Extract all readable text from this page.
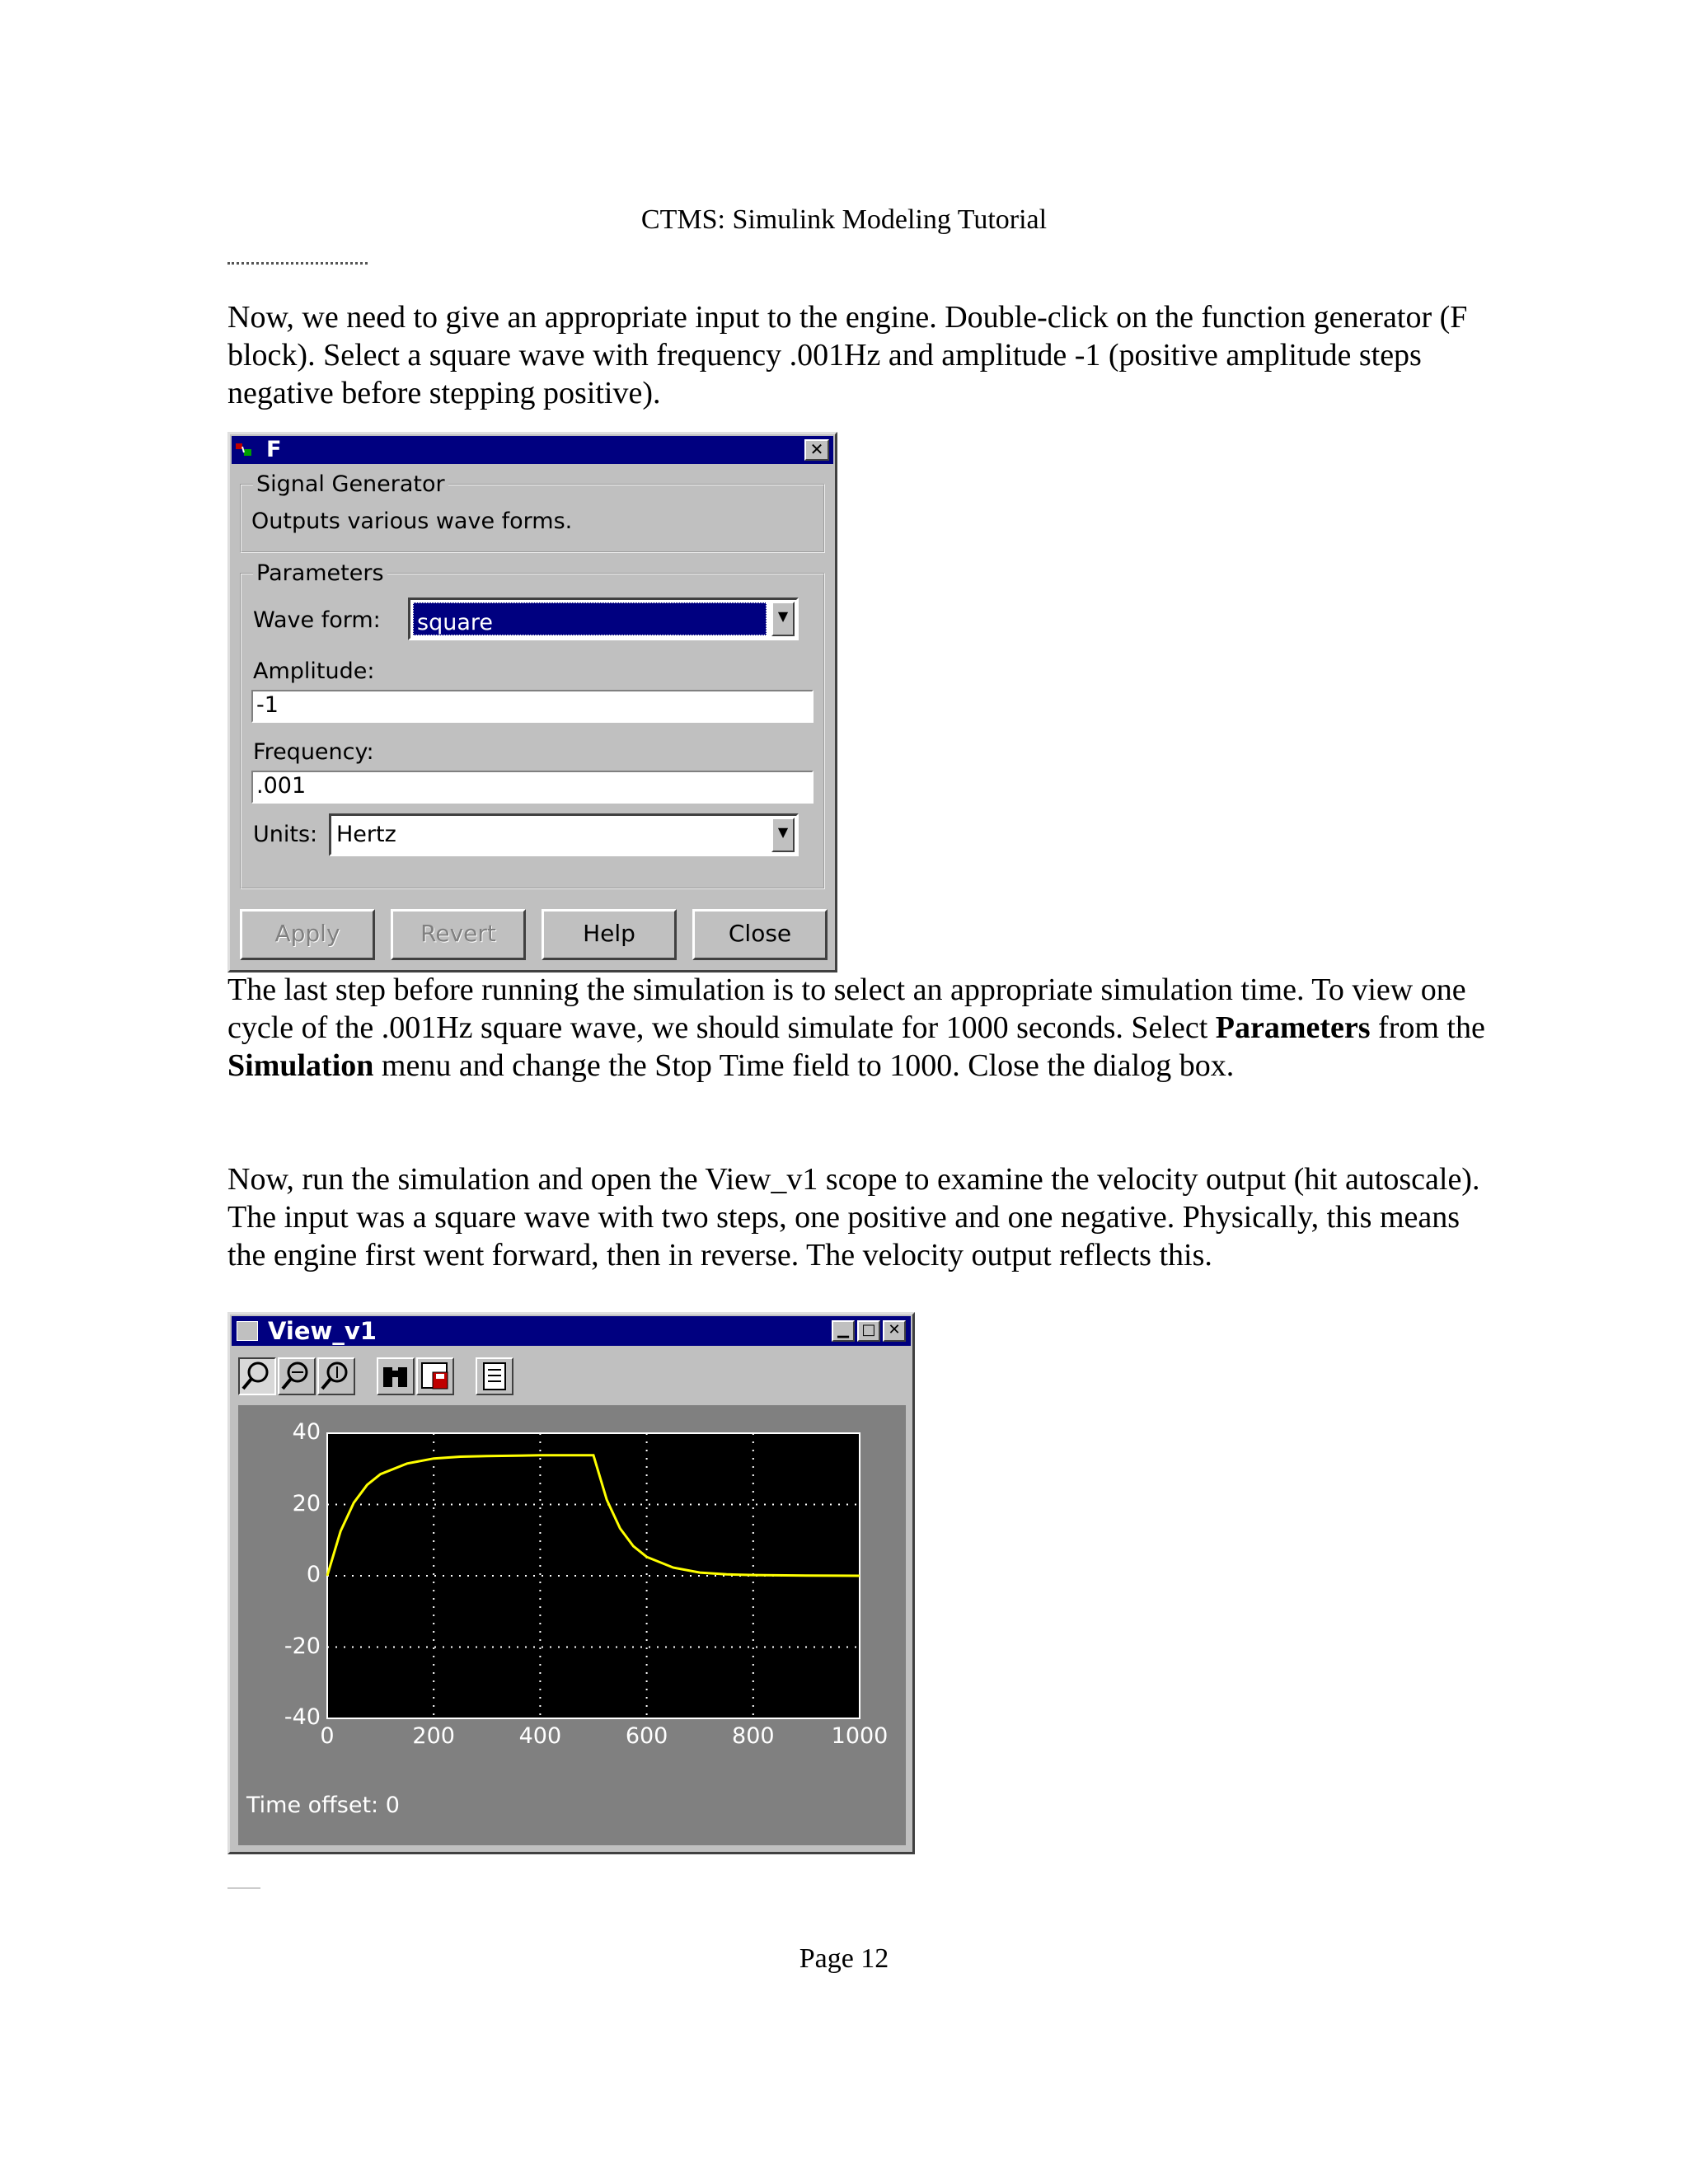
CTMS: Simulink Modeling Tutorial

Now, we need to give an appropriate input to the engine. Double-click on the function generator (F block). Select a square wave with frequency .001Hz and amplitude -1 (positive amplitude steps negative before stepping positive).

F	✕
Signal Generator
Outputs various wave forms.
Parameters
Wave form: square	▼
Amplitude:
-1
Frequency:
.001
Units: Hertz	▼
Apply	Revert	Help	Close

The last step before running the simulation is to select an appropriate simulation time. To view one cycle of the .001Hz square wave, we should simulate for 1000 seconds. Select Parameters from the Simulation menu and change the Stop Time field to 1000. Close the dialog box.

Now, run the simulation and open the View_v1 scope to examine the velocity output (hit autoscale). The input was a square wave with two steps, one positive and one negative. Physically, this means the engine first went forward, then in reverse. The velocity output reflects this.

View_v1	▁ □ ✕
0	200	400	600	800	1000
40
20
0
-20
-40
Time offset: 0
Page 12
